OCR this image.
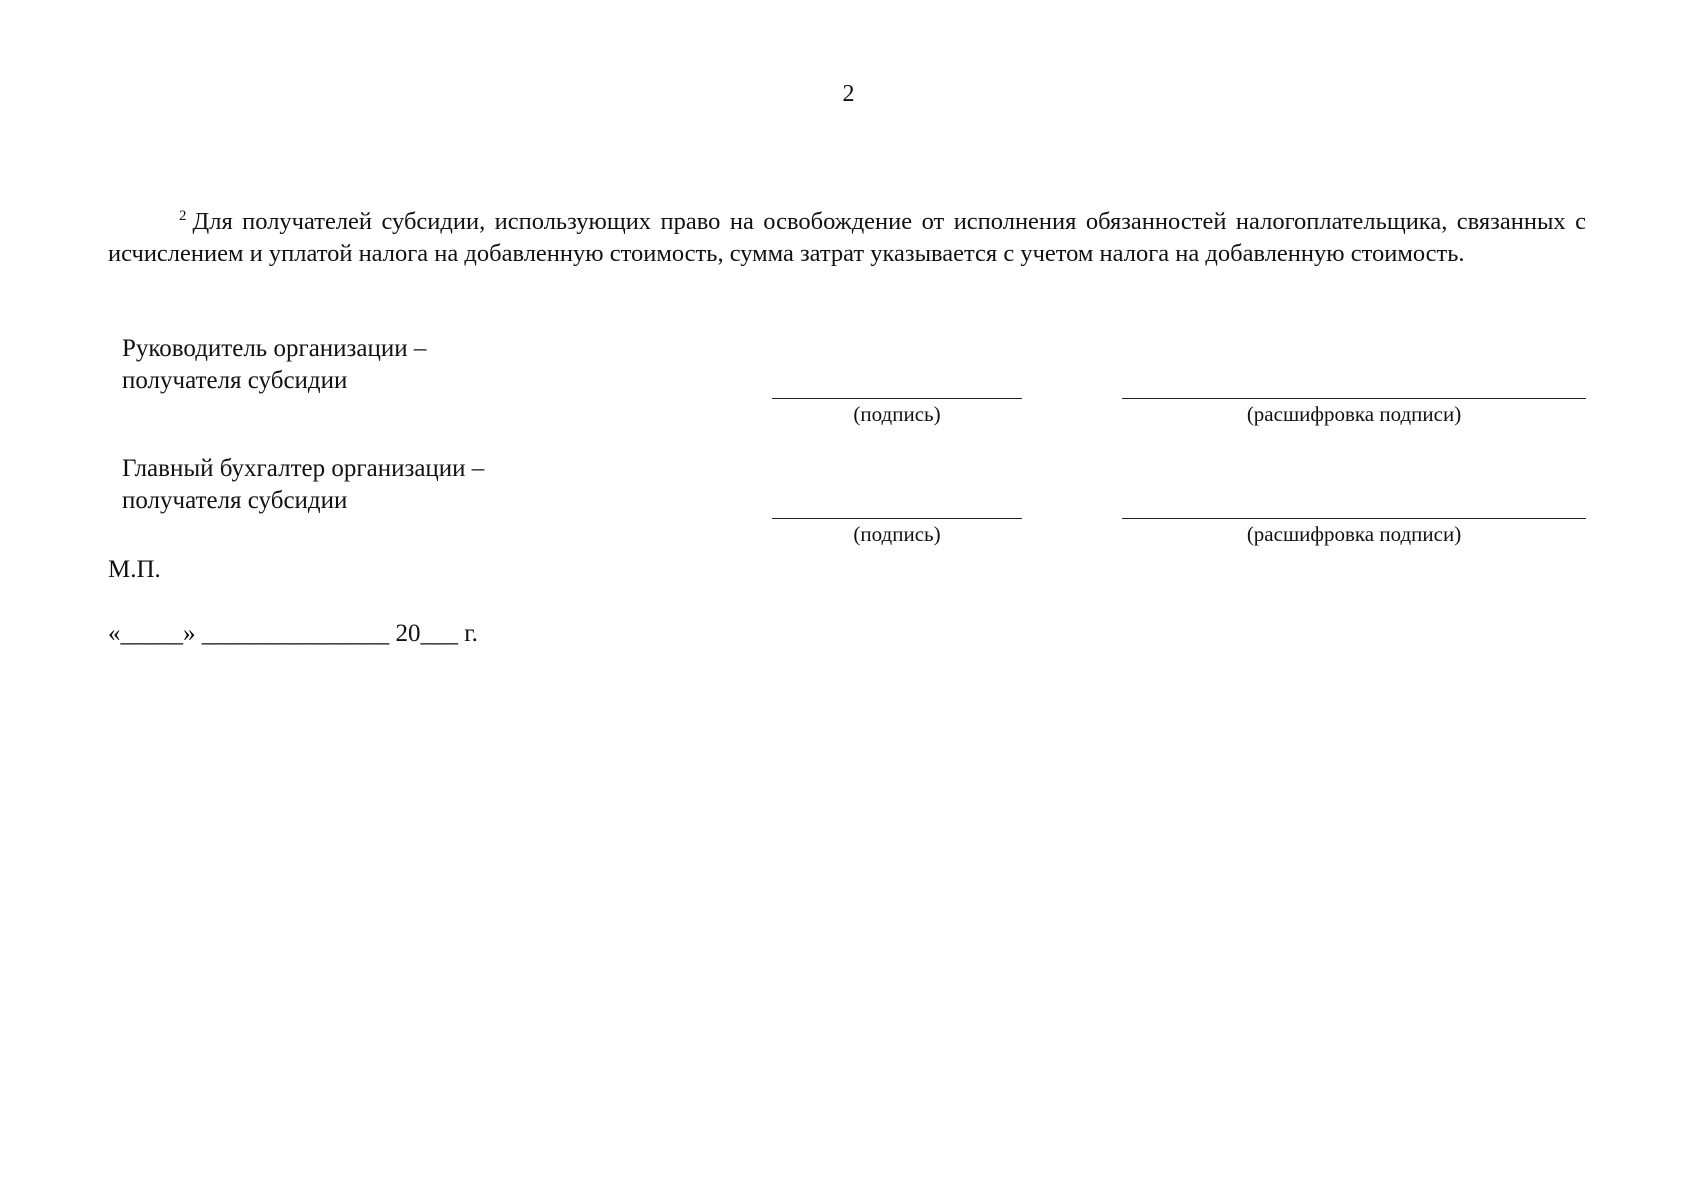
2

$^2$ Для получателей субсидии, использующих право на освобождение от исполнения обязанностей налогоплательщика, связанных с исчислением и уплатой налога на добавленную стоимость, сумма затрат указывается с учетом налога на добавленную стоимость.

Руководитель организации –
получателя субсидии
(подпись)	(расшифровка подписи)
Главный бухгалтер организации –
получателя субсидии
(подпись)	(расшифровка подписи)
М.П.
«_____» _______________ 20___ г.
